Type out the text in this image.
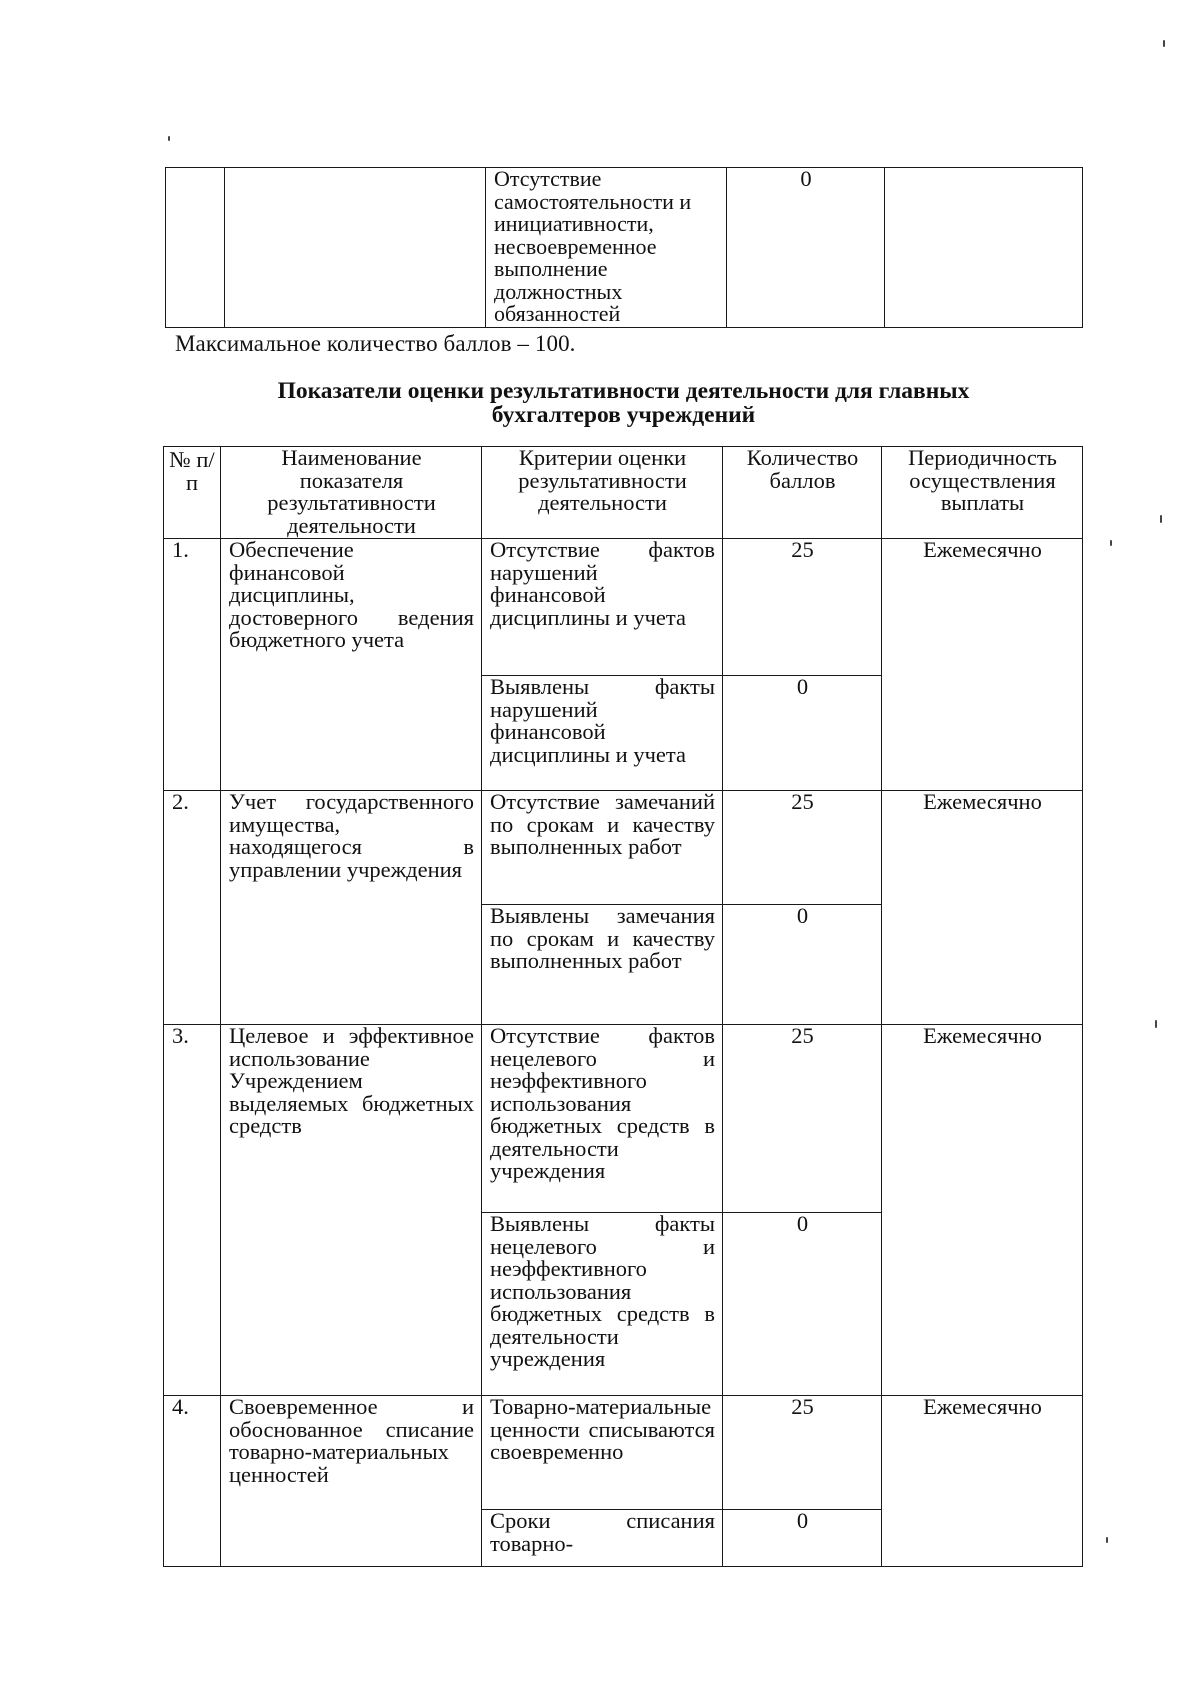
		Отсутствие самостоятельности и инициативности, несвоевременное выполнение должностных обязанностей	0	
Максимальное количество баллов – 100.
Показатели оценки результативности деятельности для главных
бухгалтеров учреждений
№ п/п	Наименование показателя результативности деятельности	Критерии оценки результативности деятельности	Количество баллов	Периодичность осуществления выплаты
1.	Обеспечение финансовой дисциплины, достоверного ведения бюджетного учета	Отсутствие фактов нарушений финансовой дисциплины и учета	25	Ежемесячно
		Выявлены факты нарушений финансовой дисциплины и учета	0	
2.	Учет государственного имущества, находящегося в управлении учреждения	Отсутствие замечаний по срокам и качеству выполненных работ	25	Ежемесячно
		Выявлены замечания по срокам и качеству выполненных работ	0	
3.	Целевое и эффективное использование Учреждением выделяемых бюджетных средств	Отсутствие фактов нецелевого и неэффективного использования бюджетных средств в деятельности учреждения	25	Ежемесячно
		Выявлены факты нецелевого и неэффективного использования бюджетных средств в деятельности учреждения	0	
4.	Своевременное и обоснованное списание товарно-материальных ценностей	Товарно-материальные ценности списываются своевременно	25	Ежемесячно
		Сроки списания товарно-	0	
